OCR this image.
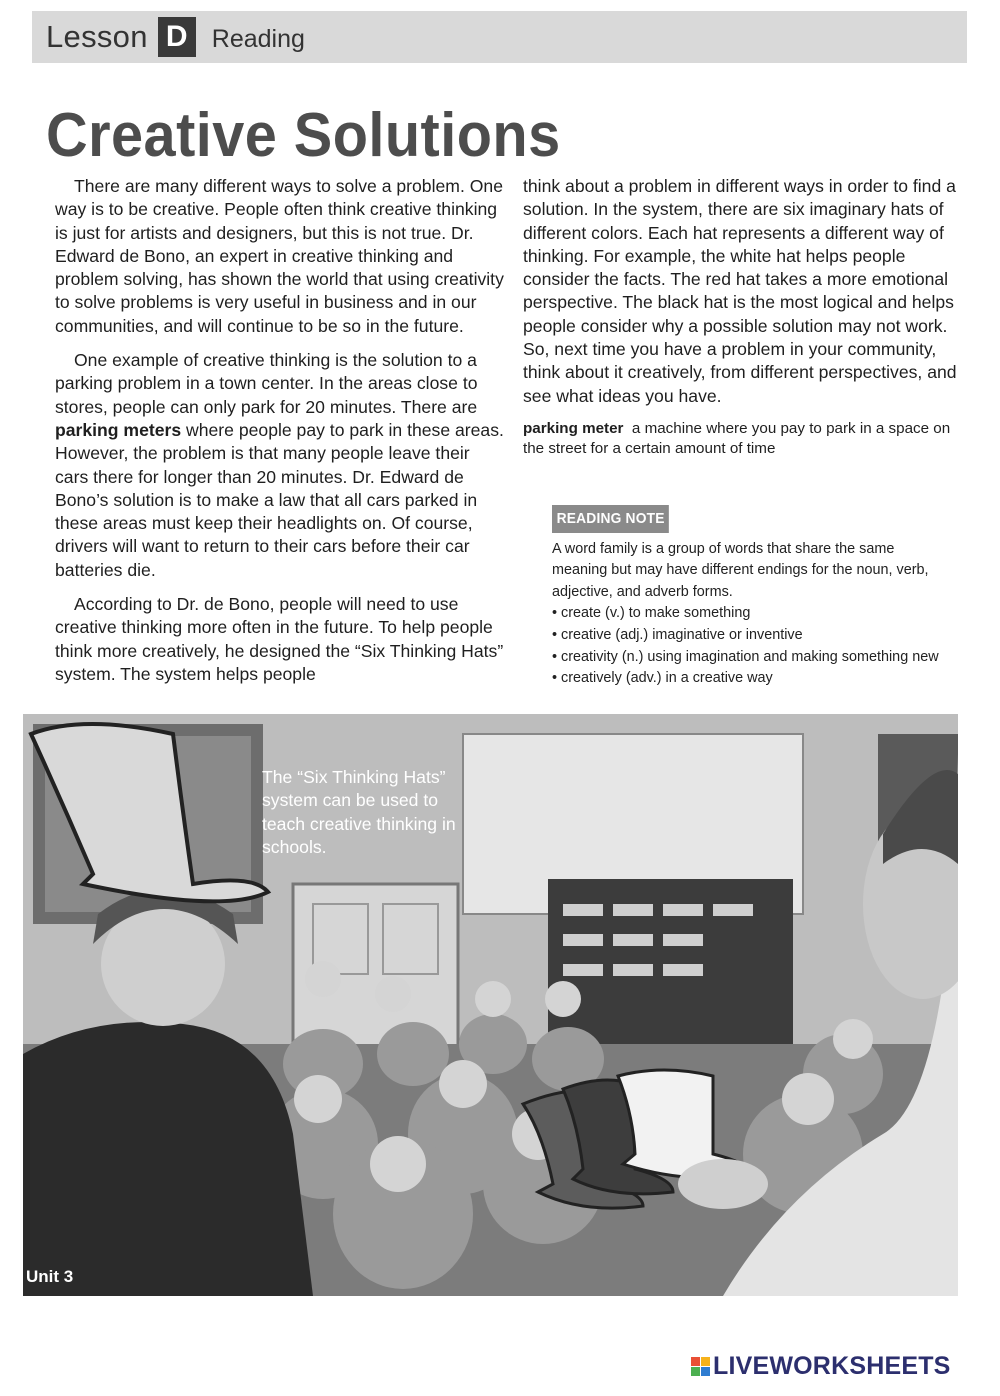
Lesson D Reading
Creative Solutions

There are many different ways to solve a problem. One way is to be creative. People often think creative thinking is just for artists and designers, but this is not true. Dr. Edward de Bono, an expert in creative thinking and problem solving, has shown the world that using creativity to solve problems is very useful in business and in our communities, and will continue to be so in the future.

One example of creative thinking is the solution to a parking problem in a town center. In the areas close to stores, people can only park for 20 minutes. There are parking meters where people pay to park in these areas. However, the problem is that many people leave their cars there for longer than 20 minutes. Dr. Edward de Bono’s solution is to make a law that all cars parked in these areas must keep their headlights on. Of course, drivers will want to return to their cars before their car batteries die.

According to Dr. de Bono, people will need to use creative thinking more often in the future. To help people think more creatively, he designed the “Six Thinking Hats” system. The system helps people

think about a problem in different ways in order to find a solution. In the system, there are six imaginary hats of different colors. Each hat represents a different way of thinking. For example, the white hat helps people consider the facts. The red hat takes a more emotional perspective. The black hat is the most logical and helps people consider why a possible solution may not work. So, next time you have a problem in your community, think about it creatively, from different perspectives, and see what ideas you have.

parking meter a machine where you pay to park in a space on the street for a certain amount of time
READING NOTE
A word family is a group of words that share the same meaning but may have different endings for the noun, verb, adjective, and adverb forms.
• create (v.) to make something
• creative (adj.) imaginative or inventive
• creativity (n.) using imagination and making something new
• creatively (adv.) in a creative way
The “Six Thinking Hats” system can be used to teach creative thinking in schools.
Unit 3
LIVEWORKSHEETS
